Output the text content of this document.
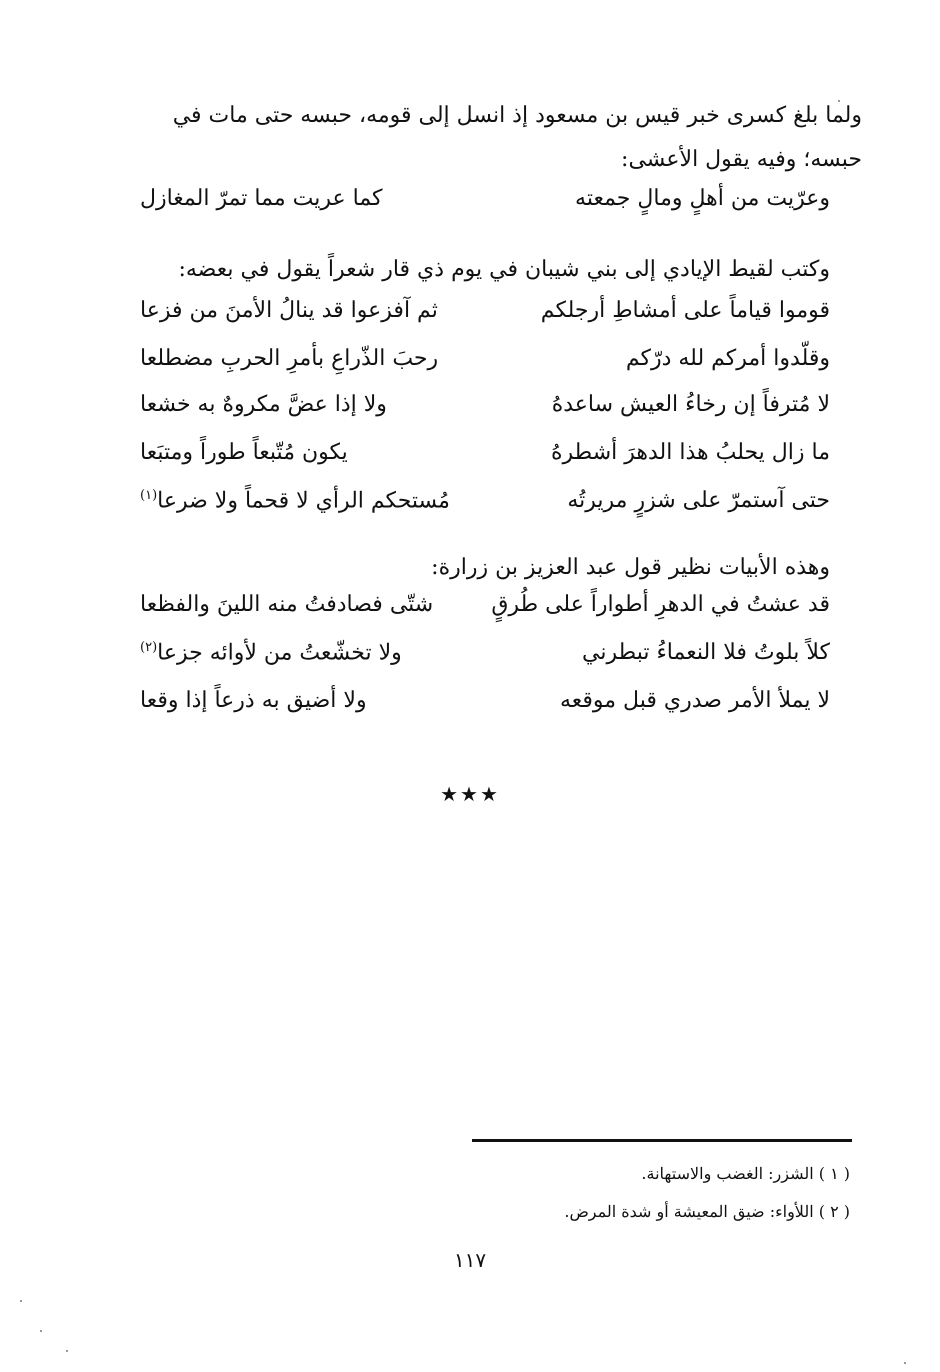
ولما بلغ كسرى خبر قيس بن مسعود إذ انسل إلى قومه، حبسه حتى مات في
حبسه؛ وفيه يقول الأعشى:
وعرّيت من أهلٍ ومالٍ جمعته
كما عريت مما تمرّ المغازل
وكتب لقيط الإيادي إلى بني شيبان في يوم ذي قار شعراً يقول في بعضه:
قوموا قياماً على أمشاطِ أرجلكم
ثم آفزعوا قد ينالُ الأمنَ من فزعا
وقلّدوا أمركم لله درّكم
رحبَ الذّراعِ بأمرِ الحربِ مضطلعا
لا مُترفاً إن رخاءُ العيش ساعدهُ
ولا إذا عضَّ مكروهٌ به خشعا
ما زال يحلبُ هذا الدهرَ أشطرهُ
يكون مُتّبعاً طوراً ومتبَعا
حتى آستمرّ على شزرٍ مريرتُه
مُستحكم الرأي لا قحماً ولا ضرعا$^{(١)}$
وهذه الأبيات نظير قول عبد العزيز بن زرارة:
قد عشتُ في الدهرِ أطواراً على طُرقٍ
شتّى فصادفتُ منه اللينَ والفظعا
كلاً بلوتُ فلا النعماءُ تبطرني
ولا تخشّعتُ من لأوائه جزعا$^{(٢)}$
لا يملأ الأمر صدري قبل موقعه
ولا أضيق به ذرعاً إذا وقعا
★★★
( ١ ) الشزر: الغضب والاستهانة.
( ٢ ) اللأواء: ضيق المعيشة أو شدة المرض.
١١٧
